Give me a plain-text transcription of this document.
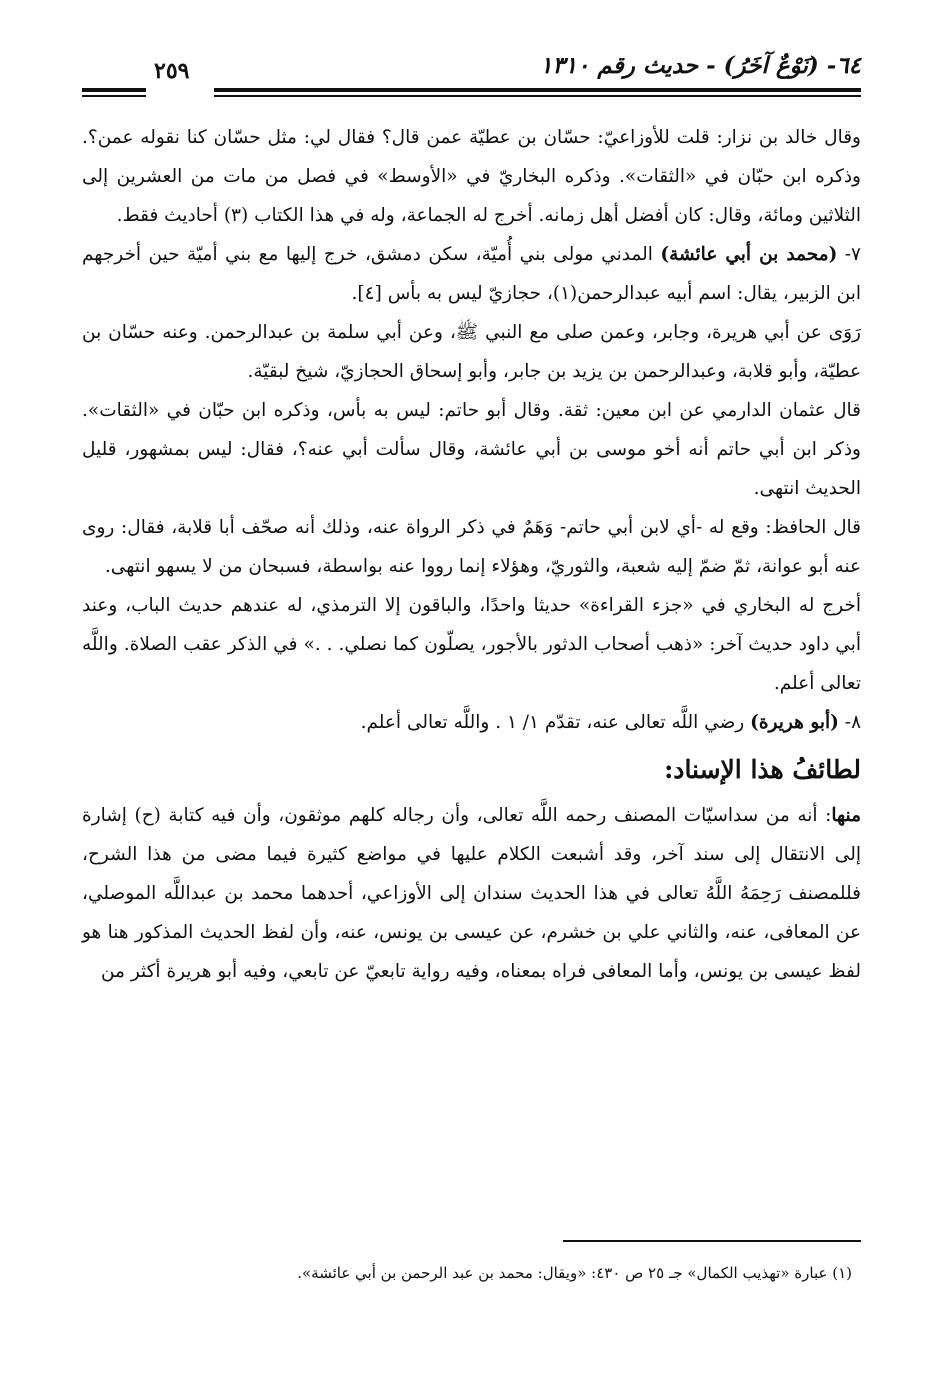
٦٤- (نَوْعٌ آخَرُ) - حديث رقم ١٣١٠
٢٥٩

وقال خالد بن نزار: قلت للأوزاعيّ: حسّان بن عطيّة عمن قال؟ فقال لي: مثل حسّان كنا نقوله عمن؟. وذكره ابن حبّان في «الثقات». وذكره البخاريّ في «الأوسط» في فصل من مات من العشرين إلى الثلاثين ومائة، وقال: كان أفضل أهل زمانه. أخرج له الجماعة، وله في هذا الكتاب (٣) أحاديث فقط.

٧- (محمد بن أبي عائشة) المدني مولى بني أُميّة، سكن دمشق، خرج إليها مع بني أميّة حين أخرجهم ابن الزبير، يقال: اسم أبيه عبدالرحمن(١)، حجازيّ ليس به بأس [٤].

رَوَى عن أبي هريرة، وجابر، وعمن صلى مع النبي ﷺ، وعن أبي سلمة بن عبدالرحمن. وعنه حسّان بن عطيّة، وأبو قلابة، وعبدالرحمن بن يزيد بن جابر، وأبو إسحاق الحجازيّ، شيخ لبقيّة.

قال عثمان الدارمي عن ابن معين: ثقة. وقال أبو حاتم: ليس به بأس، وذكره ابن حبّان في «الثقات». وذكر ابن أبي حاتم أنه أخو موسى بن أبي عائشة، وقال سألت أبي عنه؟، فقال: ليس بمشهور، قليل الحديث انتهى.

قال الحافظ: وقع له -أي لابن أبي حاتم- وَهَمٌ في ذكر الرواة عنه، وذلك أنه صحّف أبا قلابة، فقال: روى عنه أبو عوانة، ثمّ ضمّ إليه شعبة، والثوريّ، وهؤلاء إنما رووا عنه بواسطة، فسبحان من لا يسهو انتهى.

أخرج له البخاري في «جزء القراءة» حديثا واحدًا، والباقون إلا الترمذي، له عندهم حديث الباب، وعند أبي داود حديث آخر: «ذهب أصحاب الدثور بالأجور، يصلّون كما نصلي. . .» في الذكر عقب الصلاة. واللَّه تعالى أعلم.

٨- (أبو هريرة) رضي اللَّه تعالى عنه، تقدّم ١/ ١ . واللَّه تعالى أعلم.

لطائفُ هذا الإسناد:

منها: أنه من سداسيّات المصنف رحمه اللَّه تعالى، وأن رجاله كلهم موثقون، وأن فيه كتابة (ح) إشارة إلى الانتقال إلى سند آخر، وقد أشبعت الكلام عليها في مواضع كثيرة فيما مضى من هذا الشرح، فللمصنف رَحِمَهُ اللَّهُ تعالى في هذا الحديث سندان إلى الأوزاعي، أحدهما محمد بن عبداللَّه الموصلي، عن المعافى، عنه، والثاني علي بن خشرم، عن عيسى بن يونس، عنه، وأن لفظ الحديث المذكور هنا هو لفظ عيسى بن يونس، وأما المعافى فراه بمعناه، وفيه رواية تابعيّ عن تابعي، وفيه أبو هريرة أكثر من

(١) عبارة «تهذيب الكمال» جـ ٢٥ ص ٤٣٠: «ويقال: محمد بن عبد الرحمن بن أبي عائشة».
